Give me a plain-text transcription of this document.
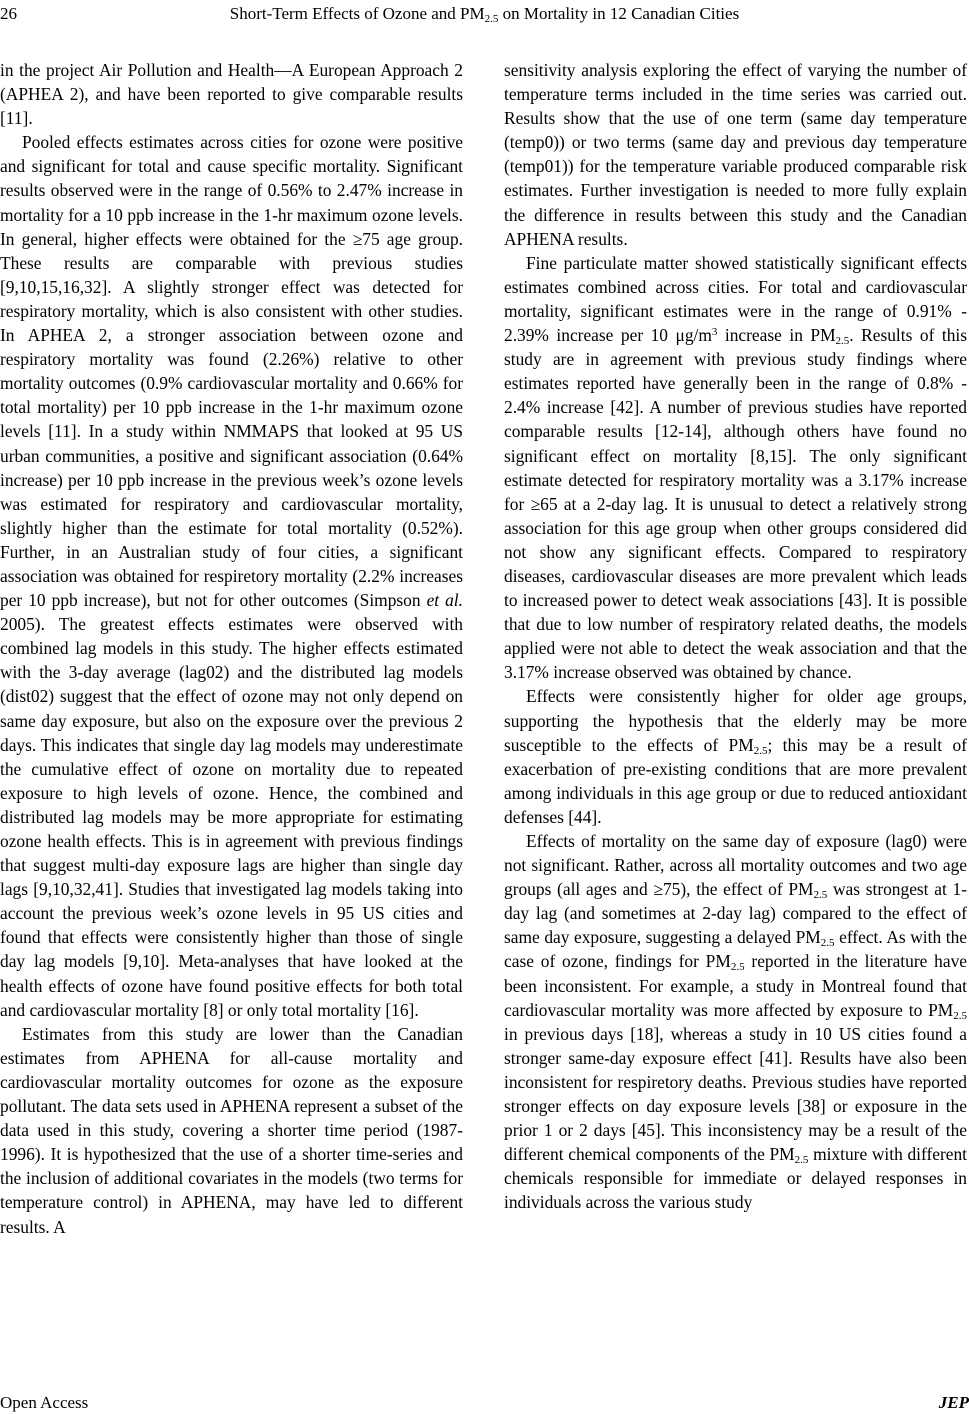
26	Short-Term Effects of Ozone and $PM_{2.5}$ on Mortality in 12 Canadian Cities

in the project Air Pollution and Health—A European Approach 2 (APHEA 2), and have been reported to give comparable results [11].

Pooled effects estimates across cities for ozone were positive and significant for total and cause specific mortality. Significant results observed were in the range of 0.56% to 2.47% increase in mortality for a 10 ppb increase in the 1-hr maximum ozone levels. In general, higher effects were obtained for the ≥75 age group. These results are comparable with previous studies [9,10,15,16,32]. A slightly stronger effect was detected for respiratory mortality, which is also consistent with other studies. In APHEA 2, a stronger association between ozone and respiratory mortality was found (2.26%) relative to other mortality outcomes (0.9% cardiovascular mortality and 0.66% for total mortality) per 10 ppb increase in the 1-hr maximum ozone levels [11]. In a study within NMMAPS that looked at 95 US urban communities, a positive and significant association (0.64% increase) per 10 ppb increase in the previous week’s ozone levels was estimated for respiratory and cardiovascular mortality, slightly higher than the estimate for total mortality (0.52%). Further, in an Australian study of four cities, a significant association was obtained for respiretory mortality (2.2% increases per 10 ppb increase), but not for other outcomes (Simpson et al. 2005). The greatest effects estimates were observed with combined lag models in this study. The higher effects estimated with the 3-day average (lag02) and the distributed lag models (dist02) suggest that the effect of ozone may not only depend on same day exposure, but also on the exposure over the previous 2 days. This indicates that single day lag models may underestimate the cumulative effect of ozone on mortality due to repeated exposure to high levels of ozone. Hence, the combined and distributed lag models may be more appropriate for estimating ozone health effects. This is in agreement with previous findings that suggest multi-day exposure lags are higher than single day lags [9,10,32,41]. Studies that investigated lag models taking into account the previous week’s ozone levels in 95 US cities and found that effects were consistently higher than those of single day lag models [9,10]. Meta-analyses that have looked at the health effects of ozone have found positive effects for both total and cardiovascular mortality [8] or only total mortality [16].

Estimates from this study are lower than the Canadian estimates from APHENA for all-cause mortality and cardiovascular mortality outcomes for ozone as the exposure pollutant. The data sets used in APHENA represent a subset of the data used in this study, covering a shorter time period (1987-1996). It is hypothesized that the use of a shorter time-series and the inclusion of additional covariates in the models (two terms for temperature control) in APHENA, may have led to different results. A

sensitivity analysis exploring the effect of varying the number of temperature terms included in the time series was carried out. Results show that the use of one term (same day temperature (temp0)) or two terms (same day and previous day temperature (temp01)) for the temperature variable produced comparable risk estimates. Further investigation is needed to more fully explain the difference in results between this study and the Canadian APHENA results.

Fine particulate matter showed statistically significant effects estimates combined across cities. For total and cardiovascular mortality, significant estimates were in the range of 0.91% - 2.39% increase per 10 $\mu g/m^3$ increase in $PM_{2.5}$. Results of this study are in agreement with previous study findings where estimates reported have generally been in the range of 0.8% - 2.4% increase [42]. A number of previous studies have reported comparable results [12-14], although others have found no significant effect on mortality [8,15]. The only significant estimate detected for respiratory mortality was a 3.17% increase for ≥65 at a 2-day lag. It is unusual to detect a relatively strong association for this age group when other groups considered did not show any significant effects. Compared to respiratory diseases, cardiovascular diseases are more prevalent which leads to increased power to detect weak associations [43]. It is possible that due to low number of respiratory related deaths, the models applied were not able to detect the weak association and that the 3.17% increase observed was obtained by chance.

Effects were consistently higher for older age groups, supporting the hypothesis that the elderly may be more susceptible to the effects of $PM_{2.5}$; this may be a result of exacerbation of pre-existing conditions that are more prevalent among individuals in this age group or due to reduced antioxidant defenses [44].

Effects of mortality on the same day of exposure (lag0) were not significant. Rather, across all mortality outcomes and two age groups (all ages and ≥75), the effect of $PM_{2.5}$ was strongest at 1-day lag (and sometimes at 2-day lag) compared to the effect of same day exposure, suggesting a delayed $PM_{2.5}$ effect. As with the case of ozone, findings for $PM_{2.5}$ reported in the literature have been inconsistent. For example, a study in Montreal found that cardiovascular mortality was more affected by exposure to $PM_{2.5}$ in previous days [18], whereas a study in 10 US cities found a stronger same-day exposure effect [41]. Results have also been inconsistent for respiretory deaths. Previous studies have reported stronger effects on day exposure levels [38] or exposure in the prior 1 or 2 days [45]. This inconsistency may be a result of the different chemical components of the $PM_{2.5}$ mixture with different chemicals responsible for immediate or delayed responses in individuals across the various study

Open Access	JEP
